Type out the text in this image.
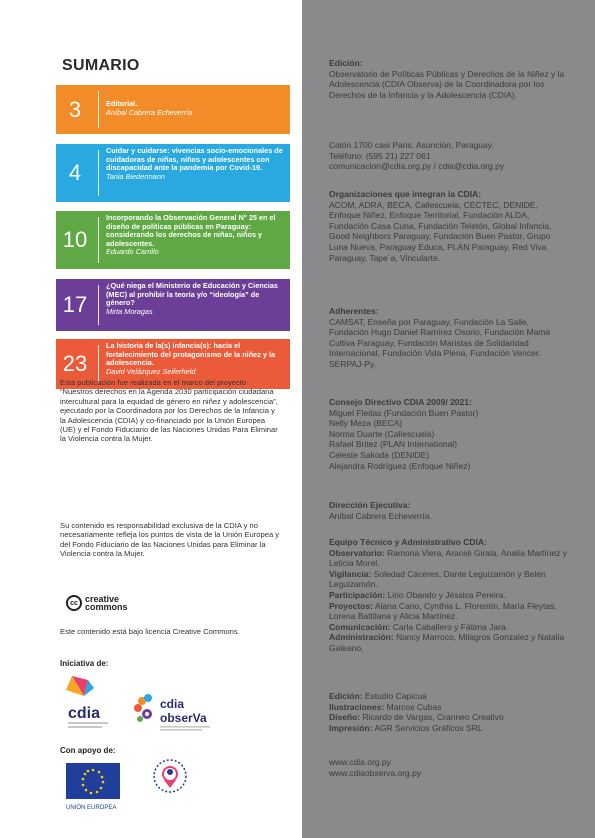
SUMARIO
3	Editorial.
Aníbal Cabrera Echeverría
4
Cuidar y cuidarse: vivencias socio-emocionales de cuidadoras de niñas, niños y adolescentes con discapacidad ante la pandemia por Covid-19.
Tania Biedermann
10
Incorporando la Observación General N° 25 en el diseño de políticas públicas en Paraguay: considerando los derechos de niñas, niños y adolescentes.
Eduardo Carrillo
17
¿Qué niega el Ministerio de Educación y Ciencias (MEC) al prohibir la teoría y/o “ideología” de género?
Mirta Moragas
23
La historia de la(s) infancia(s): hacia el fortalecimiento del protagonismo de la niñez y la adolescencia.
David Velázquez Seiferheld
Esta publicación fue realizada en el marco del proyecto “Nuestros derechos en la Agenda 2030 participación ciudadana intercultural para la equidad de género en niñez y adolescencia”, ejecutado por la Coordinadora por los Derechos de la Infancia y la Adolescencia (CDIA) y co-financiado por la Unión Europea (UE) y el Fondo Fiduciario de las Naciones Unidas Para Eliminar la Violencia contra la Mujer.
Su contenido es responsabilidad exclusiva de la CDIA y no necesariamente refleja los puntos de vista de la Unión Europea y del Fondo Fiduciario de las Naciones Unidas para Eliminar la Violencia contra la Mujer.
cc creative commons
Este contenido está bajo licencia Creative Commons.
Iniciativa de:
cdia
cdia
obserVa
Con apoyo de:
UNIÓN EUROPEA
Edición:
Observatorio de Políticas Públicas y Derechos de la Niñez y la Adolescencia (CDIA Observa) de la Coordinadora por los Derechos de la Infancia y la Adolescencia (CDIA).
Colón 1700 casi Paris. Asunción, Paraguay.
Teléfono: (595 21) 227 061
comunicacion@cdia.org.py / cdia@cdia.org.py
Organizaciones que integran la CDIA:
ACOM, ADRA, BECA, Callescuela, CECTEC, DENIDE, Enfoque Niñez, Enfoque Territorial, Fundación ALDA, Fundación Casa Cuna, Fundación Teletón, Global Infancia, Good Neighbors Paraguay, Fundación Buen Pastor, Grupo Luna Nueva, Paraguay Educa, PLAN Paraguay, Red Viva Paraguay, Tape´a, Vincularte.
Adherentes:
CAMSAT, Enseña por Paraguay, Fundación La Salle, Fundación Hugo Daniel Ramírez Osorio, Fundación Mamá Cultiva Paraguay, Fundación Maristas de Solidaridad Internacional, Fundación Vida Plena, Fundación Vencer. SERPAJ-Py.
Consejo Directivo CDIA 2009/ 2021:
Miguel Fleitas (Fundación Buen Pastor)
Nelly Meza (BECA)
Norma Duarte (Callescuela)
Rafael Britez (PLAN International)
Celeste Sakoda (DENIDE)
Alejandra Rodríguez (Enfoque Niñez)
Dirección Ejecutiva:
Aníbal Cabrera Echeverría.
Equipo Técnico y Administrativo CDIA:
Observatorio: Ramona Viera, Araceli Girala, Analía Martínez y Leticia Morel.
Vigilancia: Soledad Cáceres, Dante Leguizamón y Belén Leguizamón.
Participación: Lirio Obando y Jéssica Pereira.
Proyectos: Alana Cano, Cynthia L. Florentín, María Fleytas, Lorena Battilana y Alicia Martínez.
Comunicación: Carla Caballero y Fátima Jara.
Administración: Nancy Marroco, Milagros Gonzalez y Natalia Galeano.
Edición: Estudio Capicua
Ilustraciones: Marcos Cubas
Diseño: Ricardo de Vargas, Cranneo Creativo
Impresión: AGR Servicios Gráficos SRL
www.cdia.org.py
www.cdiaobserva.org.py
